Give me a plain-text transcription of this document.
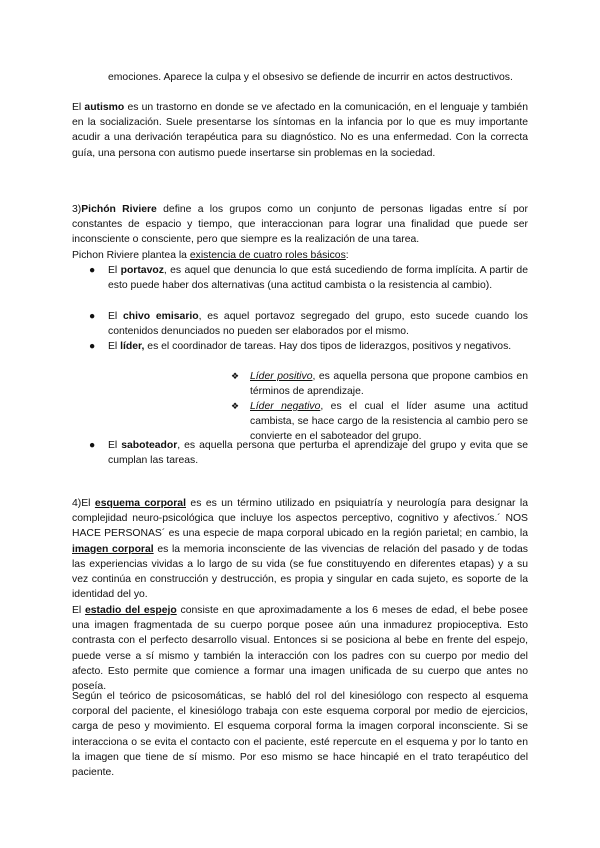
emociones. Aparece la culpa y el obsesivo se defiende de incurrir en actos destructivos.

El autismo es un trastorno en donde se ve afectado en la comunicación, en el lenguaje y también en la socialización. Suele presentarse los síntomas en la infancia por lo que es muy importante acudir a una derivación terapéutica para su diagnóstico. No es una enfermedad. Con la correcta guía, una persona con autismo puede insertarse sin problemas en la sociedad.

3)Pichón Riviere define a los grupos como un conjunto de personas ligadas entre sí por constantes de espacio y tiempo, que interaccionan para lograr una finalidad que puede ser inconsciente o consciente, pero que siempre es la realización de una tarea.

Pichon Riviere plantea la existencia de cuatro roles básicos:

●	El portavoz, es aquel que denuncia lo que está sucediendo de forma implícita. A partir de esto puede haber dos alternativas (una actitud cambista o la resistencia al cambio).

●	El chivo emisario, es aquel portavoz segregado del grupo, esto sucede cuando los contenidos denunciados no pueden ser elaborados por el mismo.

●	El líder, es el coordinador de tareas. Hay dos tipos de liderazgos, positivos y negativos.

❖ Líder positivo, es aquella persona que propone cambios en términos de aprendizaje.

❖ Líder negativo, es el cual el líder asume una actitud cambista, se hace cargo de la resistencia al cambio pero se convierte en el saboteador del grupo.

●	El saboteador, es aquella persona que perturba el aprendizaje del grupo y evita que se cumplan las tareas.

4)El esquema corporal es es un término utilizado en psiquiatría y neurología para designar la complejidad neuro-psicológica que incluye los aspectos perceptivo, cognitivo y afectivos.´ NOS HACE PERSONAS´ es una especie de mapa corporal ubicado en la región parietal; en cambio, la imagen corporal es la memoria inconsciente de las vivencias de relación del pasado y de todas las experiencias vividas a lo largo de su vida (se fue constituyendo en diferentes etapas) y a su vez continúa en construcción y destrucción, es propia y singular en cada sujeto, es soporte de la identidad del yo.

El estadio del espejo consiste en que aproximadamente a los 6 meses de edad, el bebe posee una imagen fragmentada de su cuerpo porque posee aún una inmadurez propioceptiva. Esto contrasta con el perfecto desarrollo visual. Entonces si se posiciona al bebe en frente del espejo, puede verse a sí mismo y también la interacción con los padres con su cuerpo por medio del afecto. Esto permite que comience a formar una imagen unificada de su cuerpo que antes no poseía.

Según el teórico de psicosomáticas, se habló del rol del kinesiólogo con respecto al esquema corporal del paciente, el kinesiólogo trabaja con este esquema corporal por medio de ejercicios, carga de peso y movimiento. El esquema corporal forma la imagen corporal inconsciente. Si se interacciona o se evita el contacto con el paciente, esté repercute en el esquema y por lo tanto en la imagen que tiene de sí mismo. Por eso mismo se hace hincapié en el trato terapéutico del paciente.
